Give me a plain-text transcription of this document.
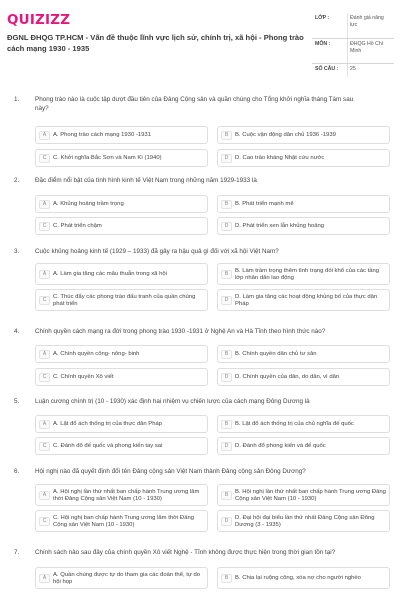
QUIZIZZ
ĐGNL ĐHQG TP.HCM - Vấn đề thuộc lĩnh vực lịch sử, chính trị, xã hội - Phong trào cách mạng 1930 - 1935
LỚP :	Đánh giá năng lực
MÔN :	ĐHQG Hồ Chí Minh
SỐ CÂU : 25
1. Phong trào nào là cuộc tập dượt đầu tiên của Đảng Cộng sản và quần chúng cho Tổng khởi nghĩa tháng Tám sau này?
A	A. Phong trào cách mạng 1930 -1931	B	B. Cuộc vận động dân chủ 1936 -1939
C	C. Khởi nghĩa Bắc Sơn và Nam Kì (1940)	D	D. Cao trào kháng Nhật cứu nước
2. Đặc điểm nổi bật của tình hình kinh tế Việt Nam trong những năm 1929-1933 là
A	A. Khủng hoảng trầm trọng	B	B. Phát triển mạnh mẽ
C	C. Phát triển chậm	D	D. Phát triển xen lẫn khủng hoảng
3. Cuộc khủng hoảng kinh tế (1929 – 1933) đã gây ra hậu quả gì đối với xã hội Việt Nam?
A	A. Làm gia tăng các mâu thuẫn trong xã hội	B
B. Làm trầm trọng thêm tình trạng đói khổ của các tầng lớp nhân dân lao động
C
C. Thúc đẩy các phong trào đấu tranh của quần chúng phát triển
D
D. Làm gia tăng các hoạt động khủng bố của thực dân Pháp
4. Chính quyền cách mạng ra đời trong phong trào 1930 -1931 ở Nghệ An và Hà Tĩnh theo hình thức nào?
A	A. Chính quyền công- nông- binh	B	B. Chính quyền dân chủ tư sản
C	C. Chính quyền Xô viết	D	D. Chính quyền của dân, do dân, vì dân
5. Luận cương chính trị (10 - 1930) xác định hai nhiệm vụ chiến lược của cách mạng Đông Dương là
A	A. Lật đổ ách thống trị của thực dân Pháp	B	B. Lật đổ ách thống trị của chủ nghĩa đế quốc
C	C. Đánh đổ đế quốc và phong kiến tay sai	D	D. Đánh đổ phong kiến và đế quốc
6. Hội nghị nào đã quyết định đổi tên Đảng cộng sản Việt Nam thành Đảng cộng sản Đông Dương?
A
A. Hội nghị lần thứ nhất ban chấp hành Trung ương lâm thời Đảng Cộng sản Việt Nam (10 - 1930)
B
B. Hội nghị lần thứ nhất ban chấp hành Trung ương Đảng Cộng sản Việt Nam (10 - 1930)
C
C. Hội nghị ban chấp hành Trung ương lâm thời Đảng Cộng sản Việt Nam (10 - 1930)
D
D. Đại hội đại biểu lần thứ nhất Đảng Cộng sản Đông Dương (3 - 1935)
7. Chính sách nào sau đây của chính quyền Xô viết Nghệ - Tĩnh không được thực hiện trong thời gian tồn tại?
A
A. Quần chúng được tự do tham gia các đoàn thể, tự do hội họp
B	B. Chia lại ruộng công, xóa nợ cho người nghèo
